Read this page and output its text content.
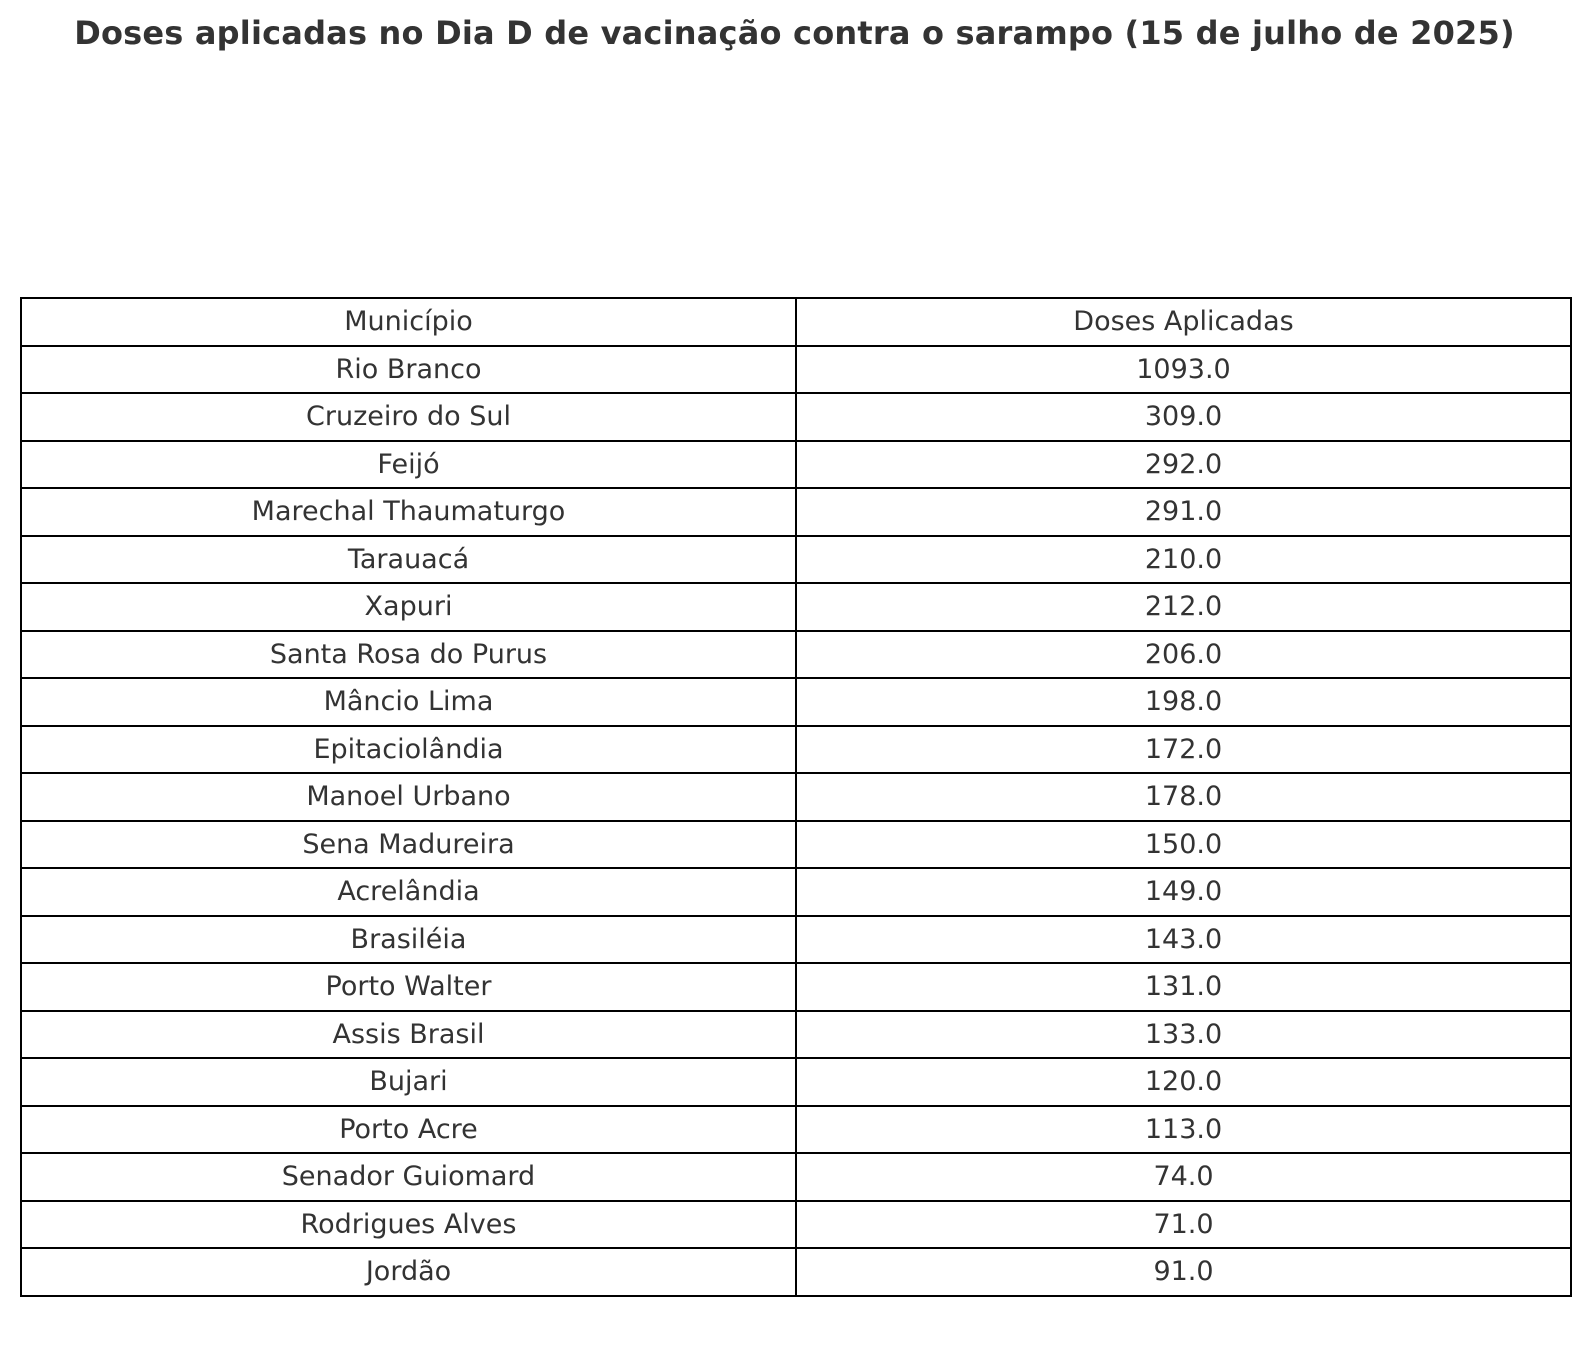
Doses aplicadas no Dia D de vacinação contra o sarampo (15 de julho de 2025)
Município	Doses Aplicadas
Rio Branco	1093.0
Cruzeiro do Sul	309.0
Feijó	292.0
Marechal Thaumaturgo	291.0
Tarauacá	210.0
Xapuri	212.0
Santa Rosa do Purus	206.0
Mâncio Lima	198.0
Epitaciolândia	172.0
Manoel Urbano	178.0
Sena Madureira	150.0
Acrelândia	149.0
Brasiléia	143.0
Porto Walter	131.0
Assis Brasil	133.0
Bujari	120.0
Porto Acre	113.0
Senador Guiomard	74.0
Rodrigues Alves	71.0
Jordão	91.0
